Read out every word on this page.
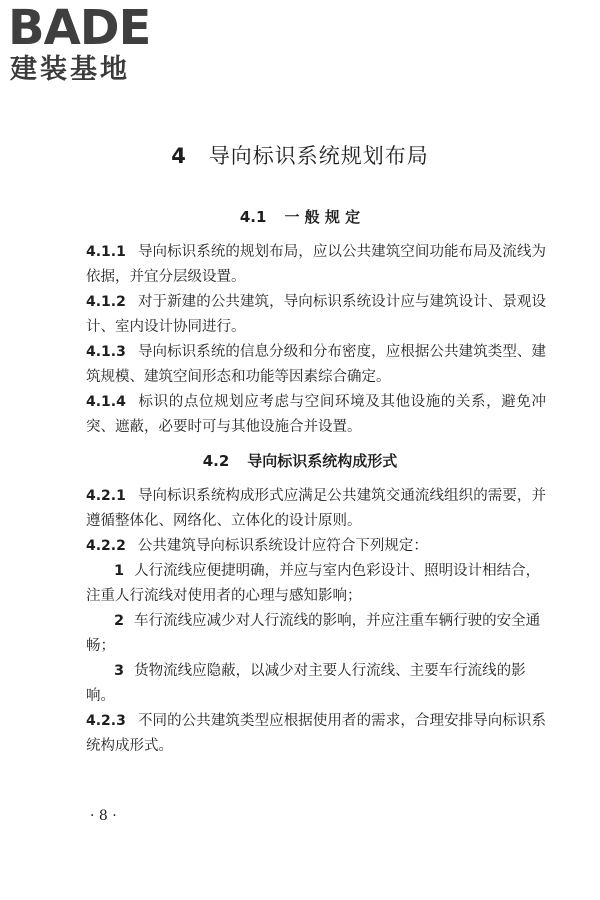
BADE
建装基地
4 导向标识系统规划布局
4.1 一 般 规 定
4.1.1 导向标识系统的规划布局，应以公共建筑空间功能布局及流线为依据，并宜分层级设置。
4.1.2 对于新建的公共建筑，导向标识系统设计应与建筑设计、景观设计、室内设计协同进行。
4.1.3 导向标识系统的信息分级和分布密度，应根据公共建筑类型、建筑规模、建筑空间形态和功能等因素综合确定。
4.1.4 标识的点位规划应考虑与空间环境及其他设施的关系，避免冲突、遮蔽，必要时可与其他设施合并设置。
4.2 导向标识系统构成形式
4.2.1 导向标识系统构成形式应满足公共建筑交通流线组织的需要，并遵循整体化、网络化、立体化的设计原则。
4.2.2 公共建筑导向标识系统设计应符合下列规定：
1 人行流线应便捷明确，并应与室内色彩设计、照明设计相结合，注重人行流线对使用者的心理与感知影响；
2 车行流线应减少对人行流线的影响，并应注重车辆行驶的安全通畅；
3 货物流线应隐蔽，以减少对主要人行流线、主要车行流线的影响。
4.2.3 不同的公共建筑类型应根据使用者的需求，合理安排导向标识系统构成形式。
· 8 ·
